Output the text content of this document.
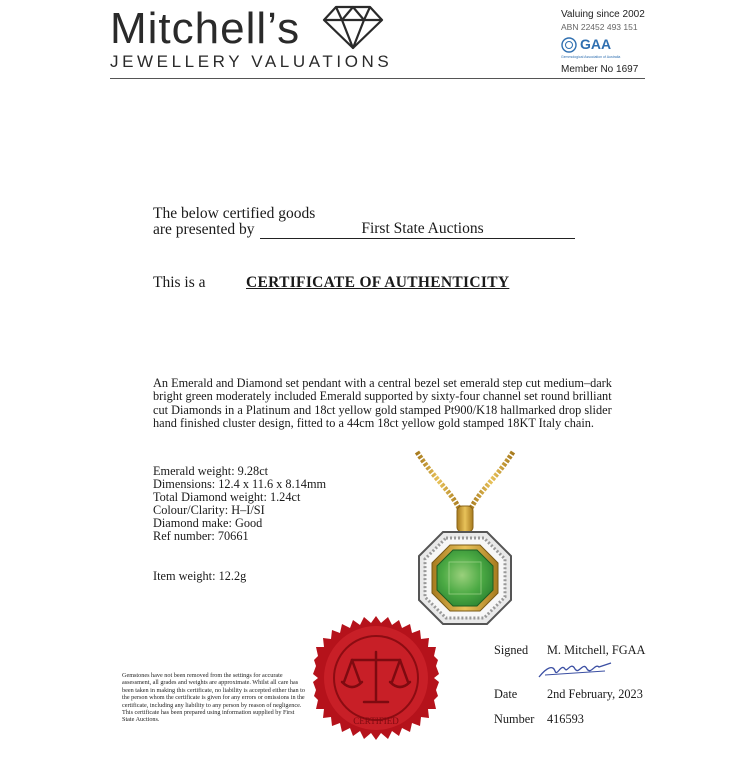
Mitchell’s
JEWELLERY VALUATIONS
Valuing since 2002
ABN 22452 493 151
GAA
Gemmological Association of Australia
Member No 1697
The below certified goods
are presented by	First State Auctions
This is a	CERTIFICATE OF AUTHENTICITY
An Emerald and Diamond set pendant with a central bezel set emerald step cut medium–dark bright green moderately included Emerald supported by sixty-four channel set round brilliant cut Diamonds in a Platinum and 18ct yellow gold stamped Pt900/K18 hallmarked drop slider hand finished cluster design, fitted to a 44cm 18ct yellow gold stamped 18KT Italy chain.
Emerald weight: 9.28ct
Dimensions: 12.4 x 11.6 x 8.14mm
Total Diamond weight: 1.24ct
Colour/Clarity: H–I/SI
Diamond make: Good
Ref number: 70661
Item weight: 12.2g
CERTIFIED
Signed M. Mitchell, FGAA
Date 2nd February, 2023
Number 416593
Gemstones have not been removed from the settings for accurate assessment, all grades and weights are approximate. Whilst all care has been taken in making this certificate, no liability is accepted either than to the person whom the certificate is given for any errors or omissions in the certificate, including any liability to any person by reason of negligence. This certificate has been prepared using information supplied by First State Auctions.
